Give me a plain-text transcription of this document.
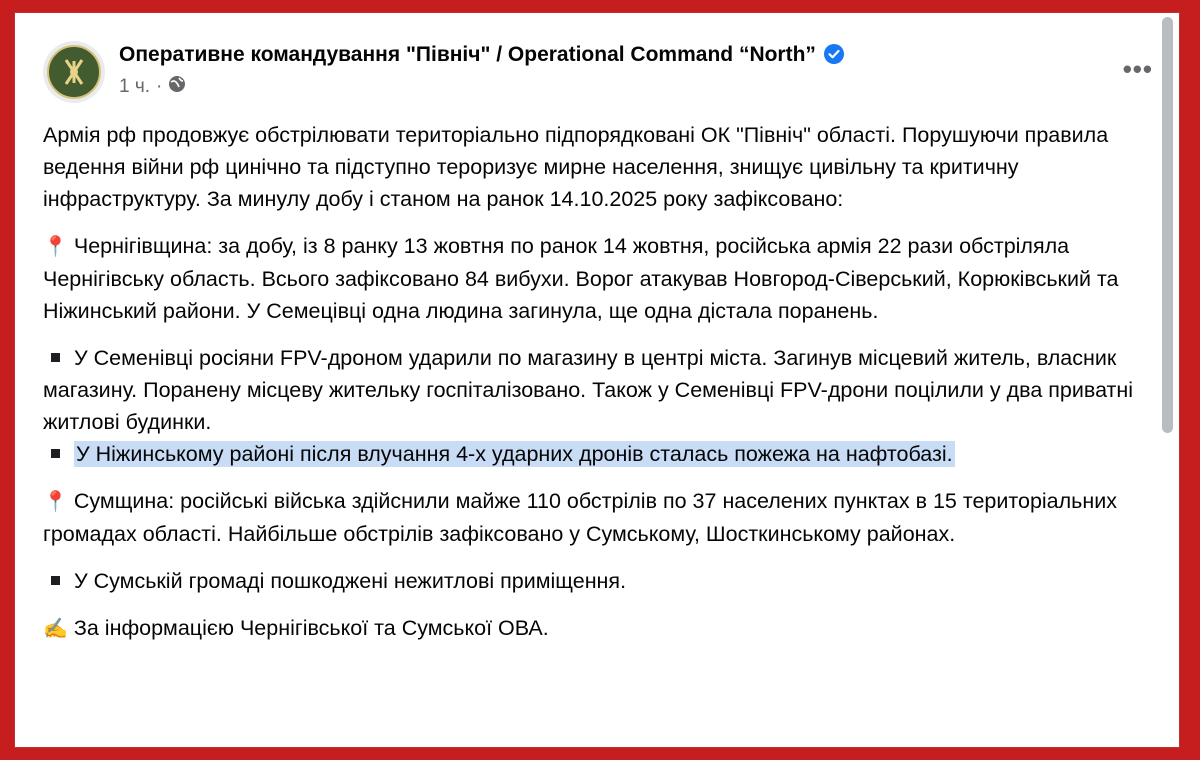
Оперативне командування "Північ" / Operational Command “North”
1 ч. ·
•••

Армія рф продовжує обстрілювати територіально підпорядковані ОК "Північ" області. Порушуючи правила ведення війни рф цинічно та підступно тероризує мирне населення, знищує цивільну та критичну інфраструктуру. За минулу добу і станом на ранок 14.10.2025 року зафіксовано:

📍 Чернігівщина: за добу, із 8 ранку 13 жовтня по ранок 14 жовтня, російська армія 22 рази обстріляла Чернігівську область. Всього зафіксовано 84 вибухи. Ворог атакував Новгород-Сіверський, Корюківський та Ніжинський райони. У Семецівці одна людина загинула, ще одна дістала поранень.

У Семенівці росіяни FPV-дроном ударили по магазину в центрі міста. Загинув місцевий житель, власник магазину. Поранену місцеву жительку госпіталізовано. Також у Семенівці FPV-дрони поцілили у два приватні житлові будинки.

У Ніжинському районі після влучання 4-х ударних дронів сталась пожежа на нафтобазі.

📍 Сумщина: російські війська здійснили майже 110 обстрілів по 37 населених пунктах в 15 територіальних громадах області. Найбільше обстрілів зафіксовано у Сумському, Шосткинському районах.

У Сумській громаді пошкоджені нежитлові приміщення.

✍️ За інформацією Чернігівської та Сумської ОВА.
